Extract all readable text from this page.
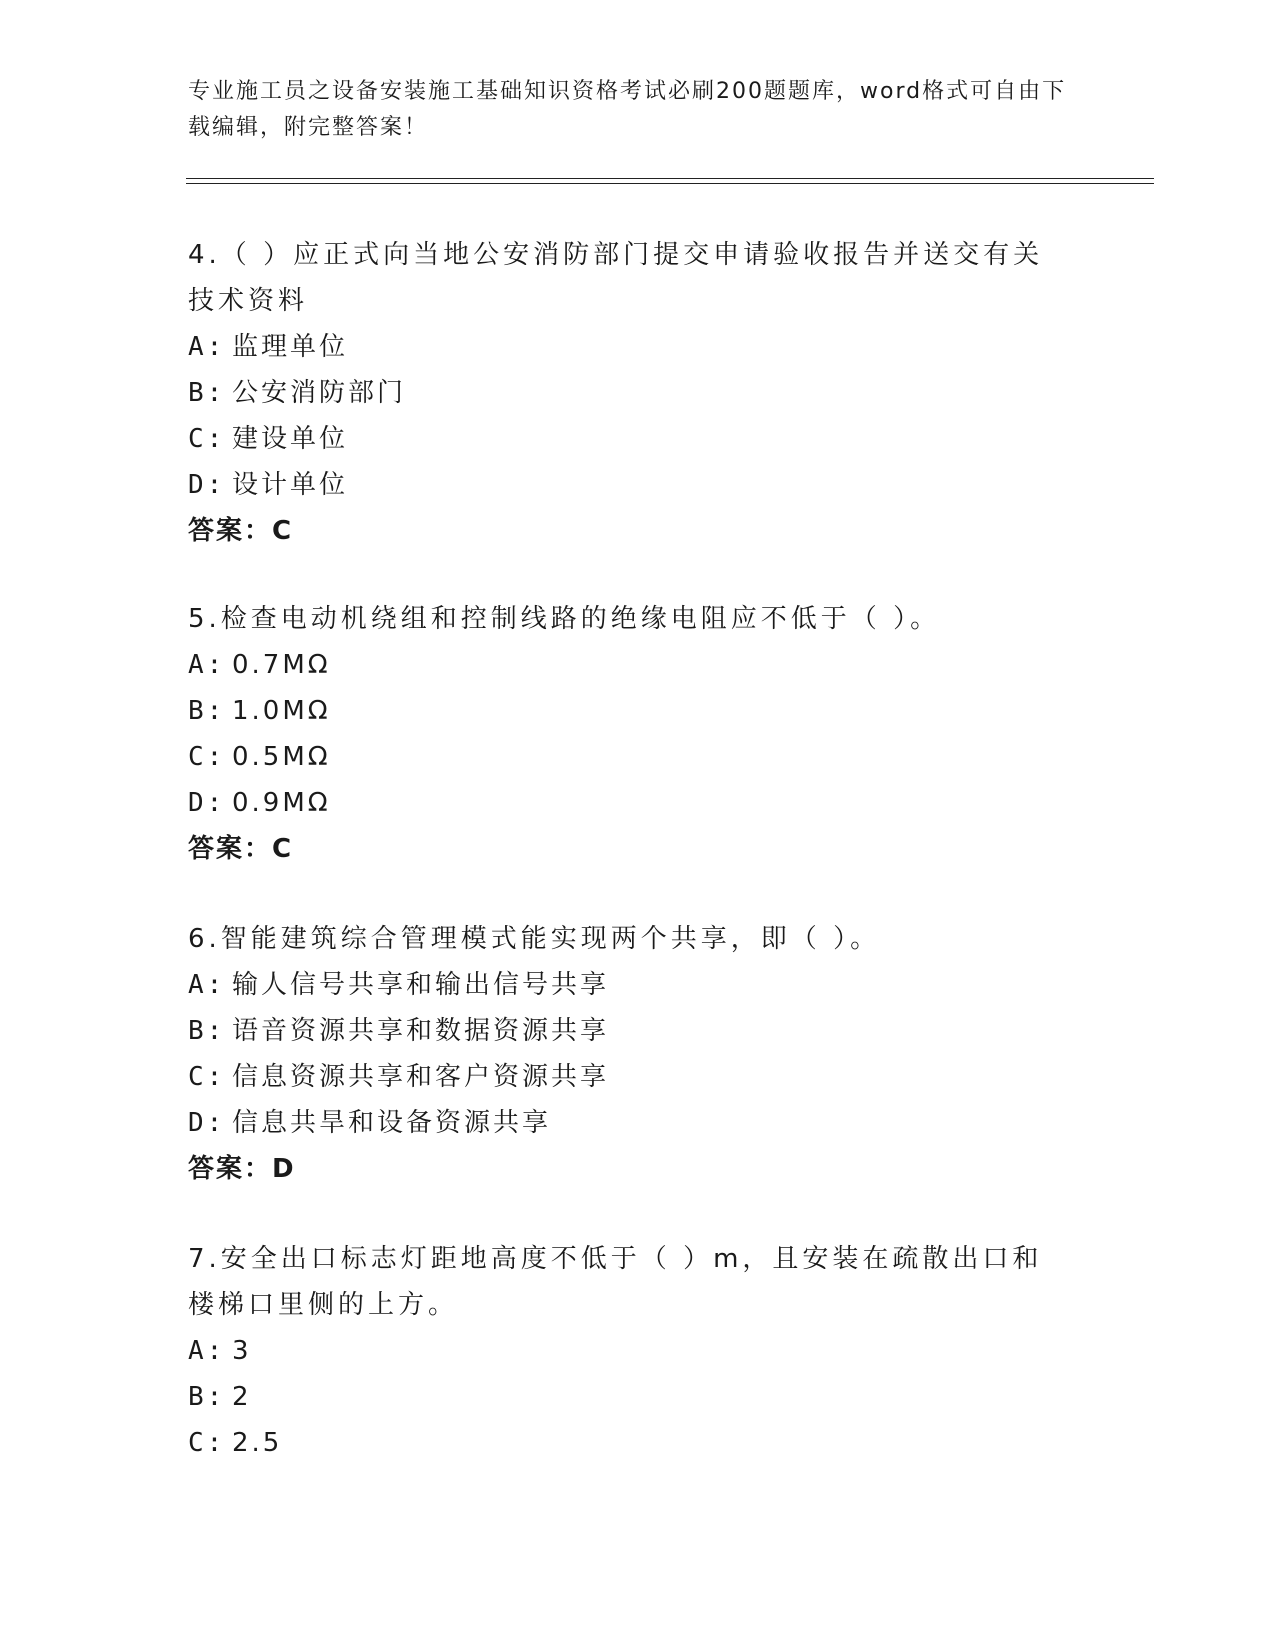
专业施工员之设备安装施工基础知识资格考试必刷200题题库，word格式可自由下载编辑，附完整答案！

4.（ ）应正式向当地公安消防部门提交申请验收报告并送交有关技术资料

A: 监理单位
B: 公安消防部门
C: 建设单位
D: 设计单位

答案：C

5.检查电动机绕组和控制线路的绝缘电阻应不低于（ ）。

A: 0.7MΩ
B: 1.0MΩ
C: 0.5MΩ
D: 0.9MΩ

答案：C

6.智能建筑综合管理模式能实现两个共享，即（ ）。

A: 输人信号共享和输出信号共享
B: 语音资源共享和数据资源共享
C: 信息资源共享和客户资源共享
D: 信息共旱和设备资源共享

答案：D

7.安全出口标志灯距地高度不低于（ ）m，且安装在疏散出口和楼梯口里侧的上方。

A: 3
B: 2
C: 2.5
